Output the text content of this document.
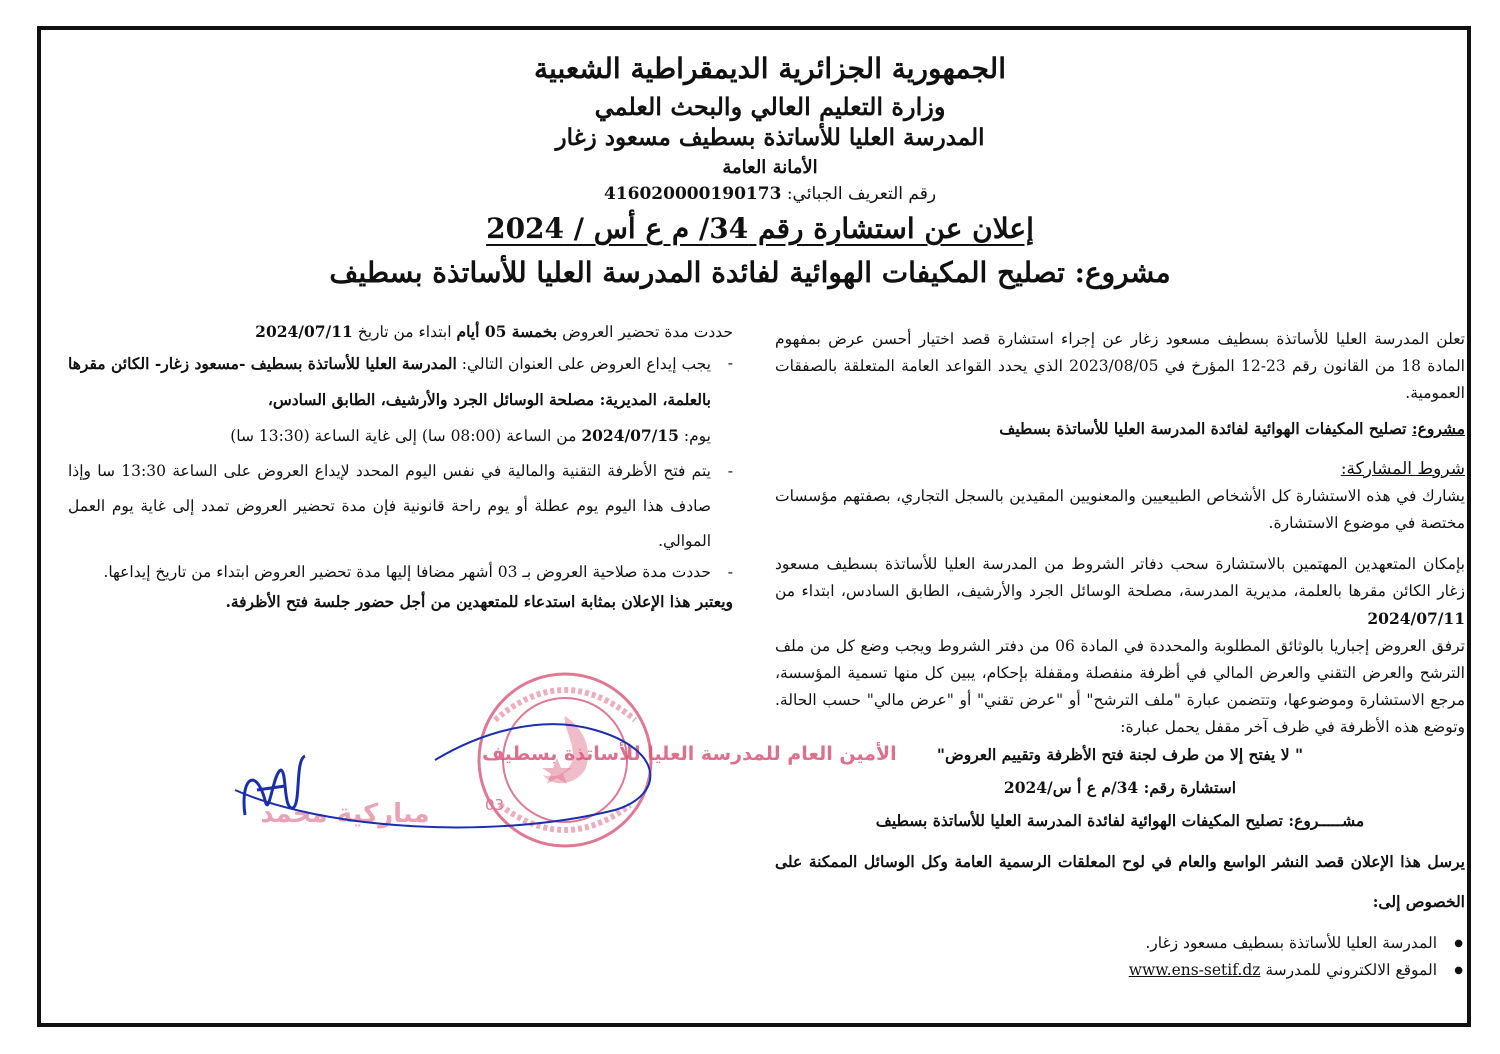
الجمهورية الجزائرية الديمقراطية الشعبية
وزارة التعليم العالي والبحث العلمي
المدرسة العليا للأساتذة بسطيف مسعود زغار
الأمانة العامة
رقم التعريف الجبائي: 416020000190173
إعلان عن استشارة رقم 34/ م ع أس / 2024
مشروع: تصليح المكيفات الهوائية لفائدة المدرسة العليا للأساتذة بسطيف

تعلن المدرسة العليا للأساتذة بسطيف مسعود زغار عن إجراء استشارة قصد اختيار أحسن عرض بمفهوم المادة 18 من القانون رقم 23-12 المؤرخ في 2023/08/05 الذي يحدد القواعد العامة المتعلقة بالصفقات العمومية.

مشروع: تصليح المكيفات الهوائية لفائدة المدرسة العليا للأساتذة بسطيف

شروط المشاركة:

يشارك في هذه الاستشارة كل الأشخاص الطبيعيين والمعنويين المقيدين بالسجل التجاري، بصفتهم مؤسسات مختصة في موضوع الاستشارة.

بإمكان المتعهدين المهتمين بالاستشارة سحب دفاتر الشروط من المدرسة العليا للأساتذة بسطيف مسعود زغار الكائن مقرها بالعلمة، مديرية المدرسة، مصلحة الوسائل الجرد والأرشيف، الطابق السادس، ابتداء من 2024/07/11

ترفق العروض إجباريا بالوثائق المطلوبة والمحددة في المادة 06 من دفتر الشروط ويجب وضع كل من ملف الترشح والعرض التقني والعرض المالي في أظرفة منفصلة ومقفلة بإحكام، يبين كل منها تسمية المؤسسة، مرجع الاستشارة وموضوعها، وتتضمن عبارة "ملف الترشح" أو "عرض تقني" أو "عرض مالي" حسب الحالة. وتوضع هذه الأظرفة في ظرف آخر مقفل يحمل عبارة:

" لا يفتح إلا من طرف لجنة فتح الأظرفة وتقييم العروض"

استشارة رقم: 34/م ع أ س/2024

مشـــــروع: تصليح المكيفات الهوائية لفائدة المدرسة العليا للأساتذة بسطيف

يرسل هذا الإعلان قصد النشر الواسع والعام في لوح المعلقات الرسمية العامة وكل الوسائل الممكنة على الخصوص إلى:

● المدرسة العليا للأساتذة بسطيف مسعود زغار.
● الموقع الالكتروني للمدرسة www.ens-setif.dz

حددت مدة تحضير العروض بخمسة 05 أيام ابتداء من تاريخ 2024/07/11

- يجب إيداع العروض على العنوان التالي: المدرسة العليا للأساتذة بسطيف -مسعود زغار- الكائن مقرها بالعلمة، المديرية: مصلحة الوسائل الجرد والأرشيف، الطابق السادس،
يوم: 2024/07/15 من الساعة (08:00 سا) إلى غاية الساعة (13:30 سا)
- يتم فتح الأظرفة التقنية والمالية في نفس اليوم المحدد لإيداع العروض على الساعة 13:30 سا وإذا صادف هذا اليوم يوم عطلة أو يوم راحة قانونية فإن مدة تحضير العروض تمدد إلى غاية يوم العمل الموالي.
- حددت مدة صلاحية العروض بـ 03 أشهر مضافا إليها مدة تحضير العروض ابتداء من تاريخ إيداعها.

ويعتبر هذا الإعلان بمثابة استدعاء للمتعهدين من أجل حضور جلسة فتح الأظرفة.

03
الأمين العام للمدرسة العليا للأساتذة بسطيف
مباركية محمد
